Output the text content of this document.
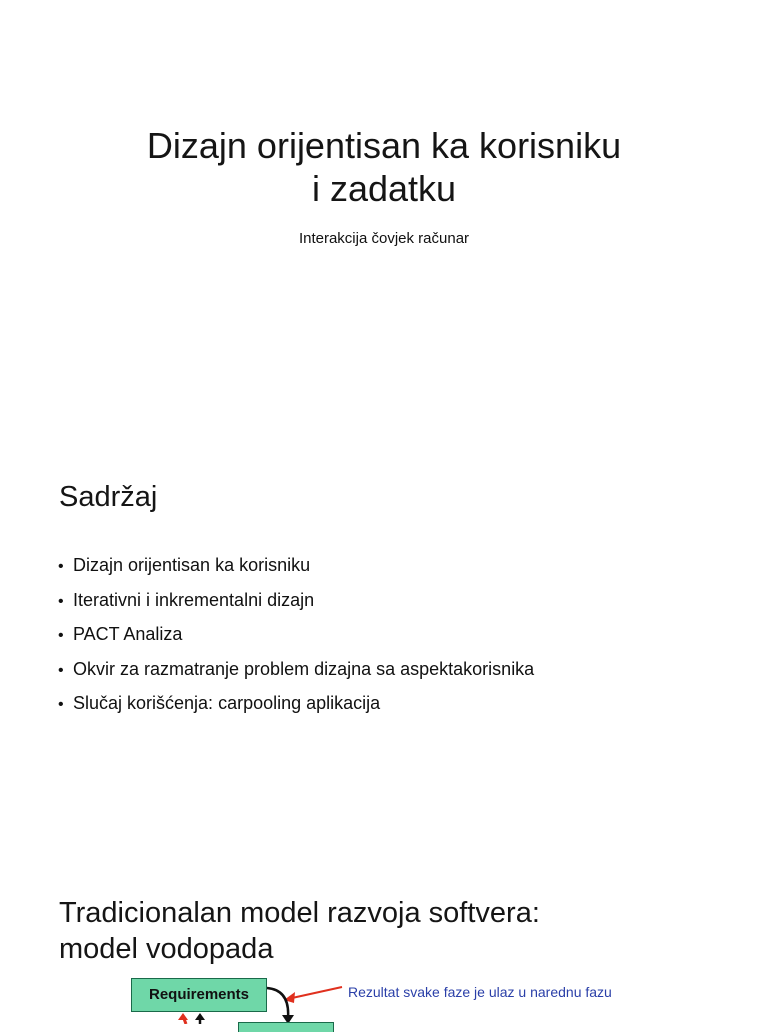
Dizajn orijentisan ka korisniku
i zadatku
Interakcija čovjek računar
Sadržaj
• Dizajn orijentisan ka korisniku
• Iterativni i inkrementalni dizajn
• PACT Analiza
• Okvir za razmatranje problem dizajna sa aspektakorisnika
• Slučaj korišćenja: carpooling aplikacija
Tradicionalan model razvoja softvera:
model vodopada
Requirements	Rezultat svake faze je ulaz u narednu fazu
